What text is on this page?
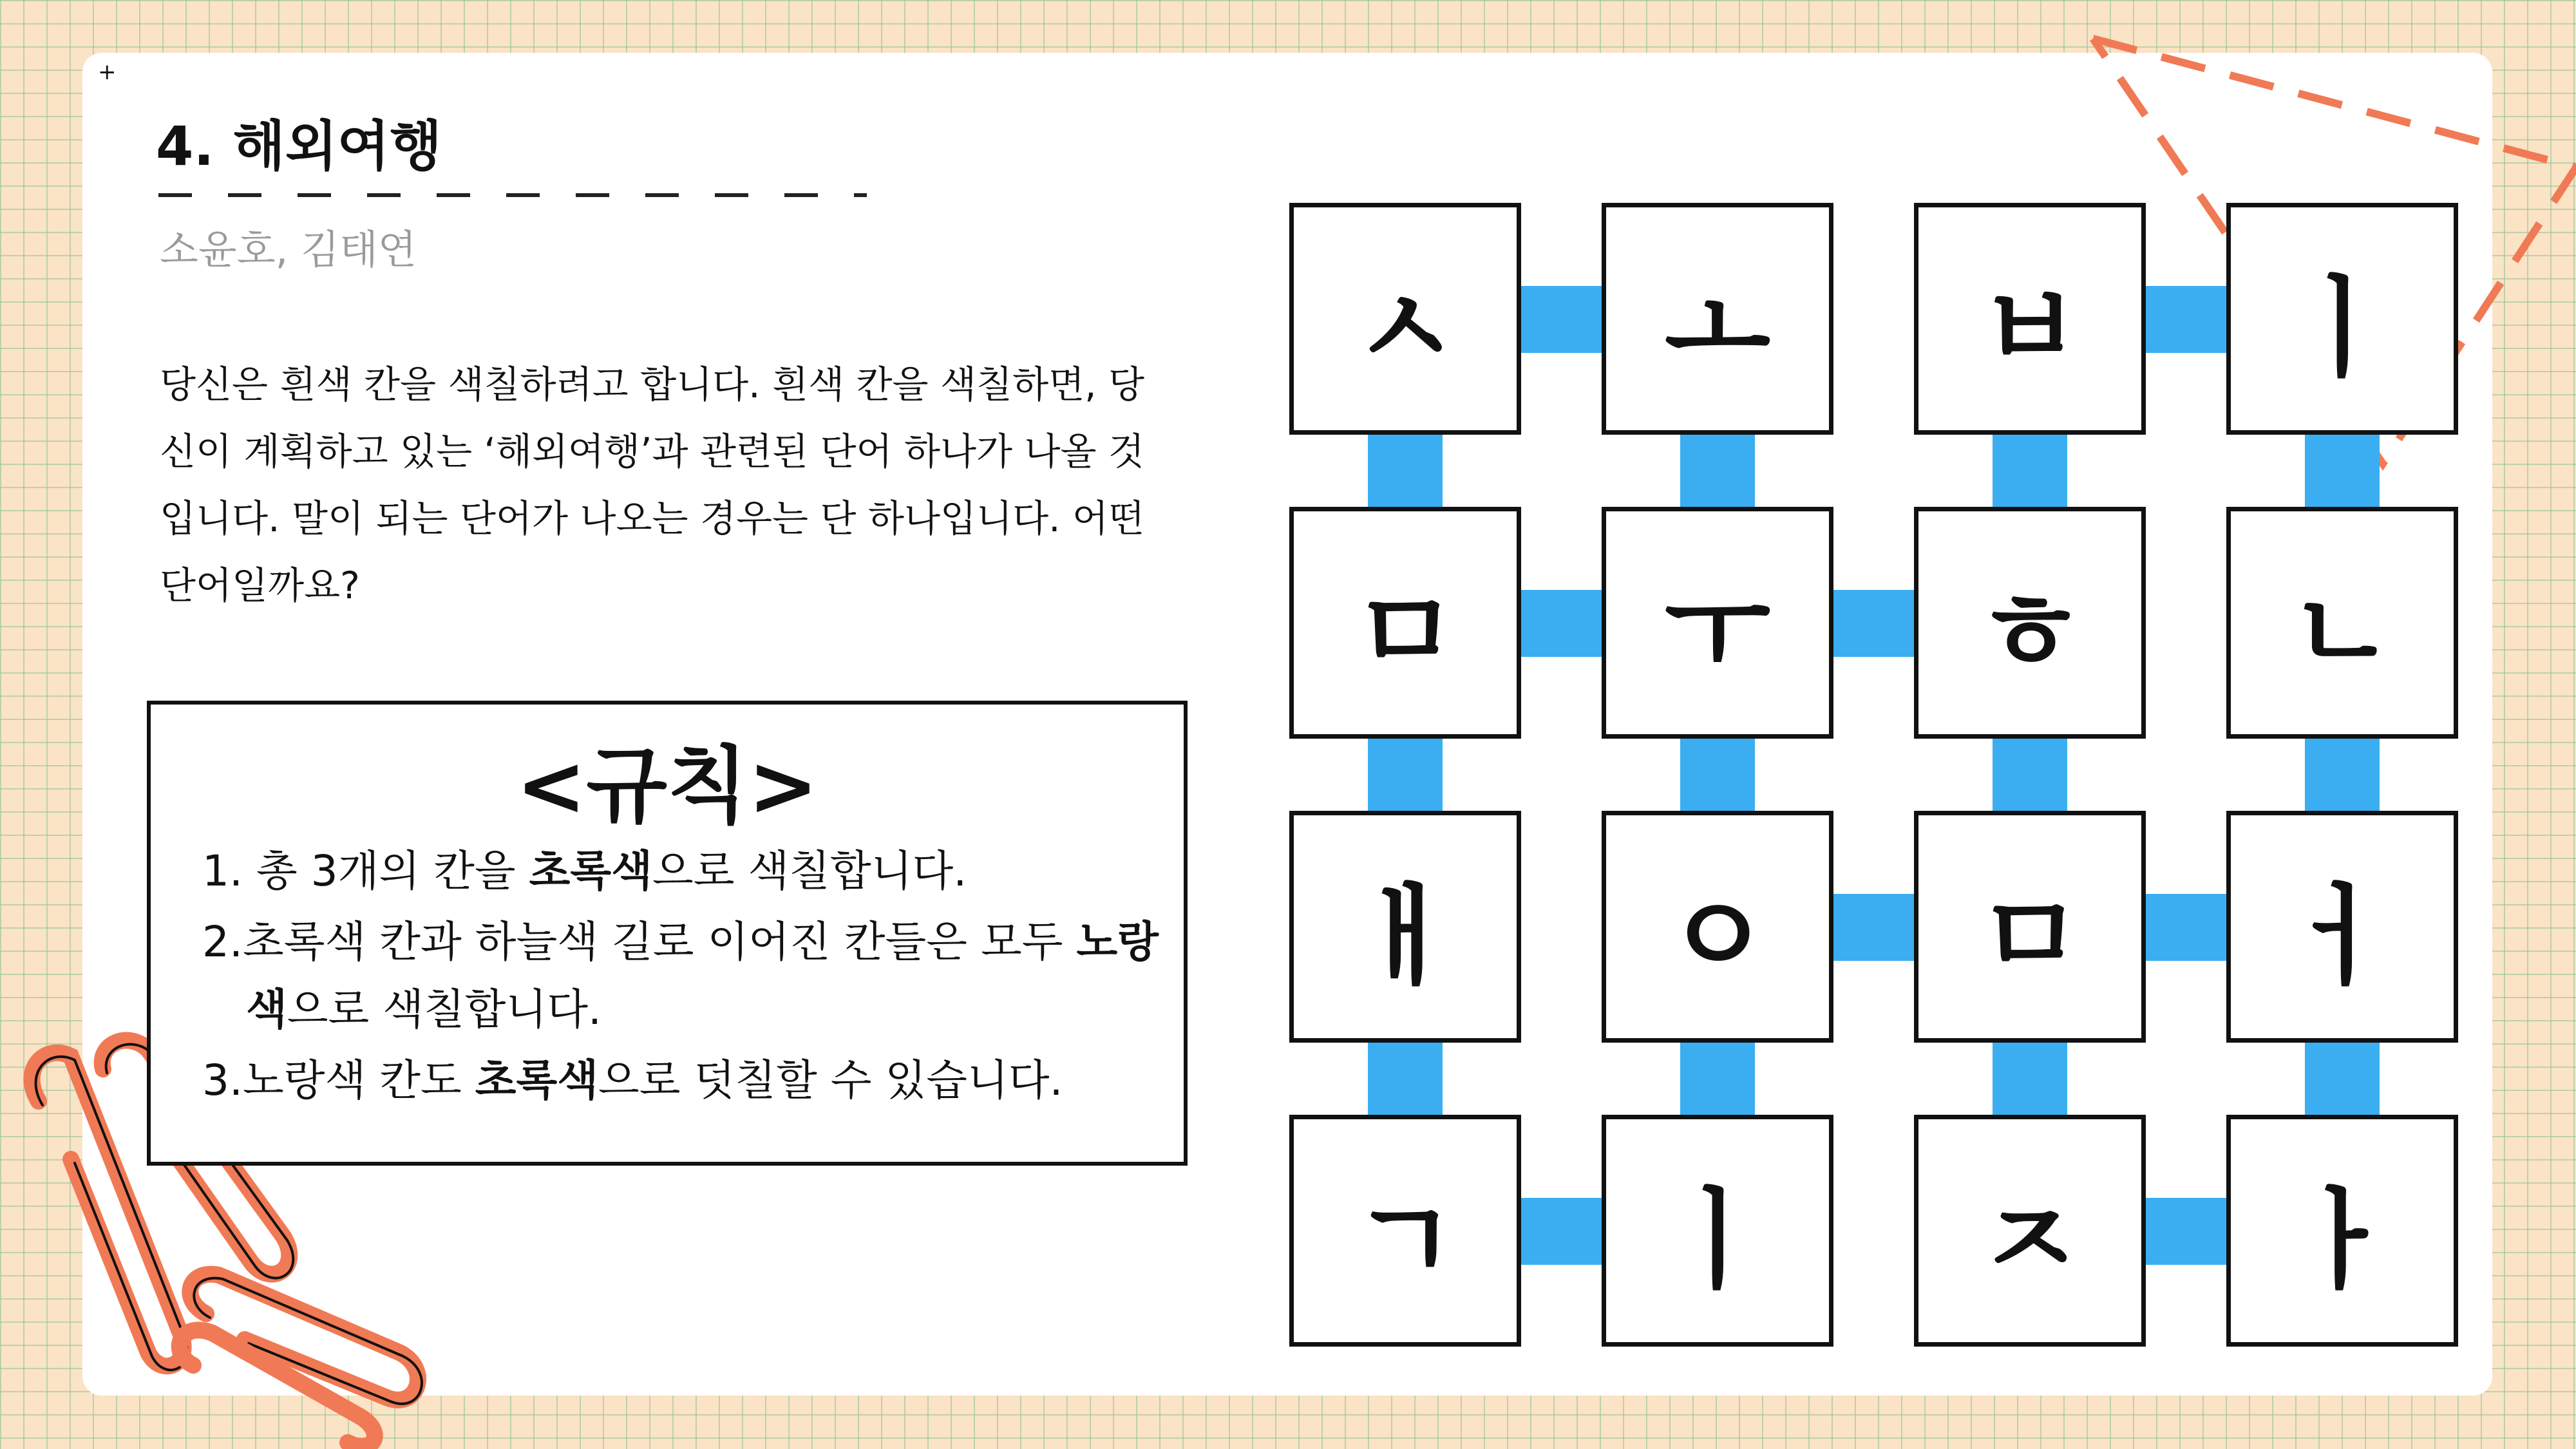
+
4. 해외여행
소윤호, 김태연
당신은 흰색 칸을 색칠하려고 합니다. 흰색 칸을 색칠하면, 당신이 계획하고 있는 ‘해외여행’과 관련된 단어 하나가 나올 것입니다. 말이 되는 단어가 나오는 경우는 단 하나입니다. 어떤 단어일까요?
<규칙>
1. 총 3개의 칸을 초록색으로 색칠합니다.
2.초록색 칸과 하늘색 길로 이어진 칸들은 모두 노랑
색으로 색칠합니다.
3.노랑색 칸도 초록색으로 덧칠할 수 있습니다.
ㅅ	ㅗ	ㅂ	ㅣ
ㅁ	ㅜ	ㅎ	ㄴ
ㅐ	ㅇ	ㅁ	ㅓ
ㄱ	ㅣ	ㅈ	ㅏ
